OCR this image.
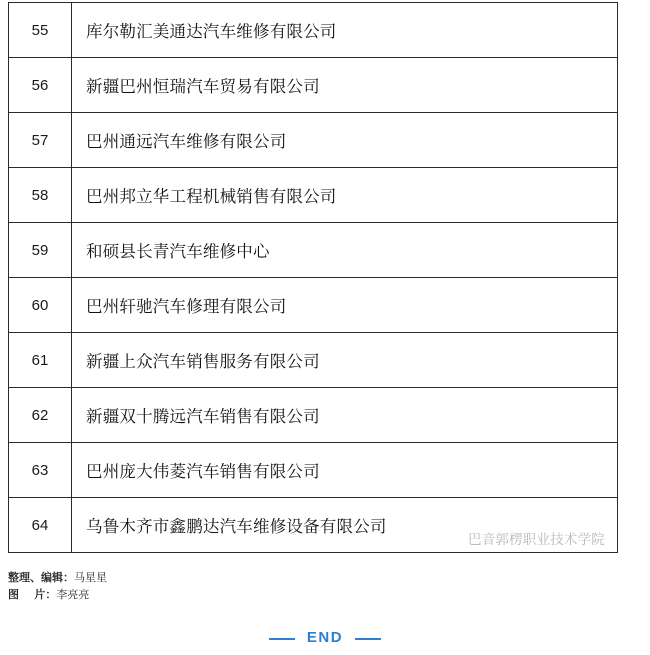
55	库尔勒汇美通达汽车维修有限公司
56	新疆巴州恒瑞汽车贸易有限公司
57	巴州通远汽车维修有限公司
58	巴州邦立华工程机械销售有限公司
59	和硕县长青汽车维修中心
60	巴州轩驰汽车修理有限公司
61	新疆上众汽车销售服务有限公司
62	新疆双十腾远汽车销售有限公司
63	巴州庞大伟菱汽车销售有限公司
64	乌鲁木齐市鑫鹏达汽车维修设备有限公司
巴音郭楞职业技术学院
整理、编辑：马星星
图    片：李亮亮
END
